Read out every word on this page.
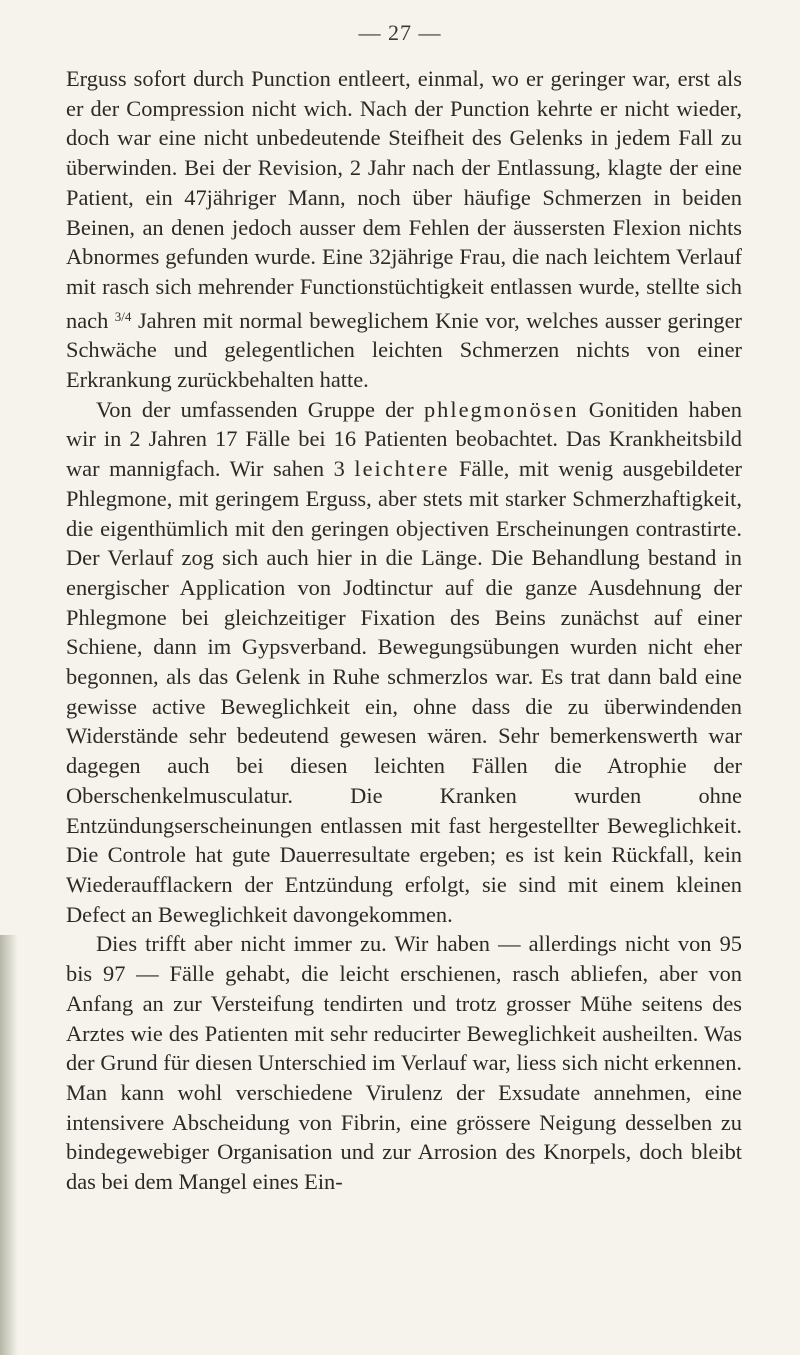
— 27 —

Erguss sofort durch Punction entleert, einmal, wo er geringer war, erst als er der Compression nicht wich. Nach der Punction kehrte er nicht wieder, doch war eine nicht unbedeutende Steifheit des Gelenks in jedem Fall zu überwinden. Bei der Revision, 2 Jahr nach der Entlassung, klagte der eine Patient, ein 47jähriger Mann, noch über häufige Schmerzen in beiden Beinen, an denen jedoch ausser dem Fehlen der äussersten Flexion nichts Abnormes gefunden wurde. Eine 32jährige Frau, die nach leichtem Verlauf mit rasch sich mehrender Functionstüchtigkeit entlassen wurde, stellte sich nach $^{3/4}$ Jahren mit normal beweglichem Knie vor, welches ausser geringer Schwäche und gelegentlichen leichten Schmerzen nichts von einer Erkrankung zurückbehalten hatte.

Von der umfassenden Gruppe der phlegmonösen Gonitiden haben wir in 2 Jahren 17 Fälle bei 16 Patienten beobachtet. Das Krankheitsbild war mannigfach. Wir sahen 3 leichtere Fälle, mit wenig ausgebildeter Phlegmone, mit geringem Erguss, aber stets mit starker Schmerzhaftigkeit, die eigenthümlich mit den geringen objectiven Erscheinungen contrastirte. Der Verlauf zog sich auch hier in die Länge. Die Behandlung bestand in energischer Application von Jodtinctur auf die ganze Ausdehnung der Phlegmone bei gleichzeitiger Fixation des Beins zunächst auf einer Schiene, dann im Gypsverband. Bewegungsübungen wurden nicht eher begonnen, als das Gelenk in Ruhe schmerzlos war. Es trat dann bald eine gewisse active Beweglichkeit ein, ohne dass die zu überwindenden Widerstände sehr bedeutend gewesen wären. Sehr bemerkenswerth war dagegen auch bei diesen leichten Fällen die Atrophie der Oberschenkelmusculatur. Die Kranken wurden ohne Entzündungserscheinungen entlassen mit fast hergestellter Beweglichkeit. Die Controle hat gute Dauerresultate ergeben; es ist kein Rückfall, kein Wiederaufflackern der Entzündung erfolgt, sie sind mit einem kleinen Defect an Beweglichkeit davongekommen.

Dies trifft aber nicht immer zu. Wir haben — allerdings nicht von 95 bis 97 — Fälle gehabt, die leicht erschienen, rasch abliefen, aber von Anfang an zur Versteifung tendirten und trotz grosser Mühe seitens des Arztes wie des Patienten mit sehr reducirter Beweglichkeit ausheilten. Was der Grund für diesen Unterschied im Verlauf war, liess sich nicht erkennen. Man kann wohl verschiedene Virulenz der Exsudate annehmen, eine intensivere Abscheidung von Fibrin, eine grössere Neigung desselben zu bindegewebiger Organisation und zur Arrosion des Knorpels, doch bleibt das bei dem Mangel eines Ein-
